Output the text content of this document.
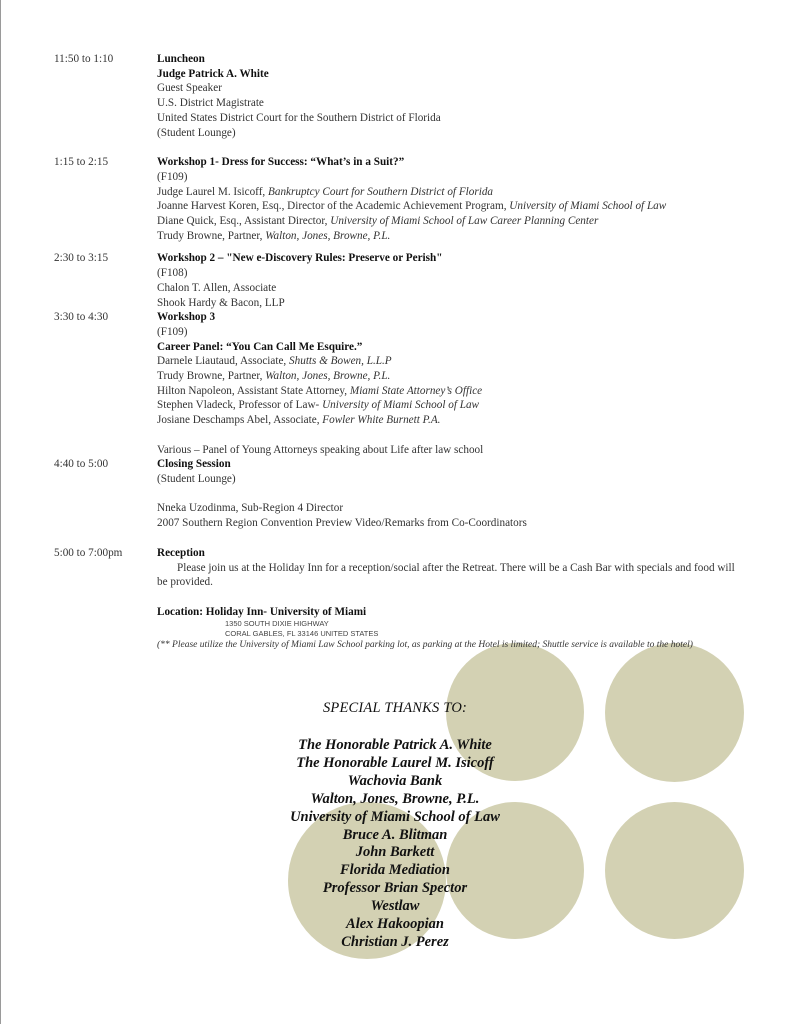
11:50 to 1:10	Luncheon
Judge Patrick A. White
Guest Speaker
U.S. District Magistrate
United States District Court for the Southern District of Florida
(Student Lounge)
1:15 to 2:15	Workshop 1- Dress for Success: “What’s in a Suit?”
(F109)
Judge Laurel M. Isicoff, Bankruptcy Court for Southern District of Florida
Joanne Harvest Koren, Esq., Director of the Academic Achievement Program, University of Miami School of Law
Diane Quick, Esq., Assistant Director, University of Miami School of Law Career Planning Center
Trudy Browne, Partner, Walton, Jones, Browne, P.L.
2:30 to 3:15	Workshop 2 – "New e-Discovery Rules: Preserve or Perish"
(F108)
Chalon T. Allen, Associate
Shook Hardy & Bacon, LLP
3:30 to 4:30	Workshop 3
(F109)
Career Panel: “You Can Call Me Esquire.”
Darnele Liautaud, Associate, Shutts & Bowen, L.L.P
Trudy Browne, Partner, Walton, Jones, Browne, P.L.
Hilton Napoleon, Assistant State Attorney, Miami State Attorney’s Office
Stephen Vladeck, Professor of Law- University of Miami School of Law
Josiane Deschamps Abel, Associate, Fowler White Burnett P.A.

Various – Panel of Young Attorneys speaking about Life after law school
4:40 to 5:00	Closing Session
(Student Lounge)

Nneka Uzodinma, Sub-Region 4 Director
2007 Southern Region Convention Preview Video/Remarks from Co-Coordinators
5:00 to 7:00pm	Reception
Please join us at the Holiday Inn for a reception/social after the Retreat. There will be a Cash Bar with specials and food will be provided.

Location: Holiday Inn- University of Miami
1350 SOUTH DIXIE HIGHWAY
CORAL GABLES, FL 33146 UNITED STATES
(** Please utilize the University of Miami Law School parking lot, as parking at the Hotel is limited; Shuttle service is available to the hotel)
SPECIAL THANKS TO:
The Honorable Patrick A. White
The Honorable Laurel M. Isicoff
Wachovia Bank
Walton, Jones, Browne, P.L.
University of Miami School of Law
Bruce A. Blitman
John Barkett
Florida Mediation
Professor Brian Spector
Westlaw
Alex Hakoopian
Christian J. Perez
